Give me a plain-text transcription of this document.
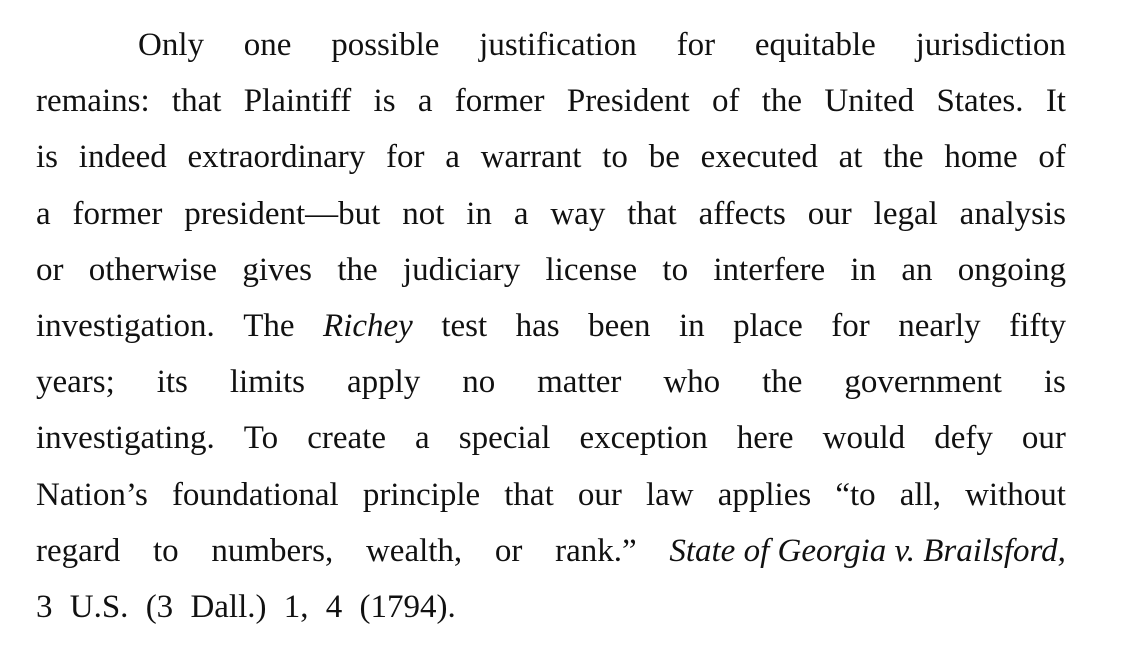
Only one possible justification for equitable jurisdiction
remains: that Plaintiff is a former President of the United States. It
is indeed extraordinary for a warrant to be executed at the home of
a former president—but not in a way that affects our legal analysis
or otherwise gives the judiciary license to interfere in an ongoing
investigation. The Richey test has been in place for nearly fifty
years; its limits apply no matter who the government is
investigating. To create a special exception here would defy our
Nation’s foundational principle that our law applies “to all, without
regard to numbers, wealth, or rank.” State of Georgia v. Brailsford,
3 U.S. (3 Dall.) 1, 4 (1794).
